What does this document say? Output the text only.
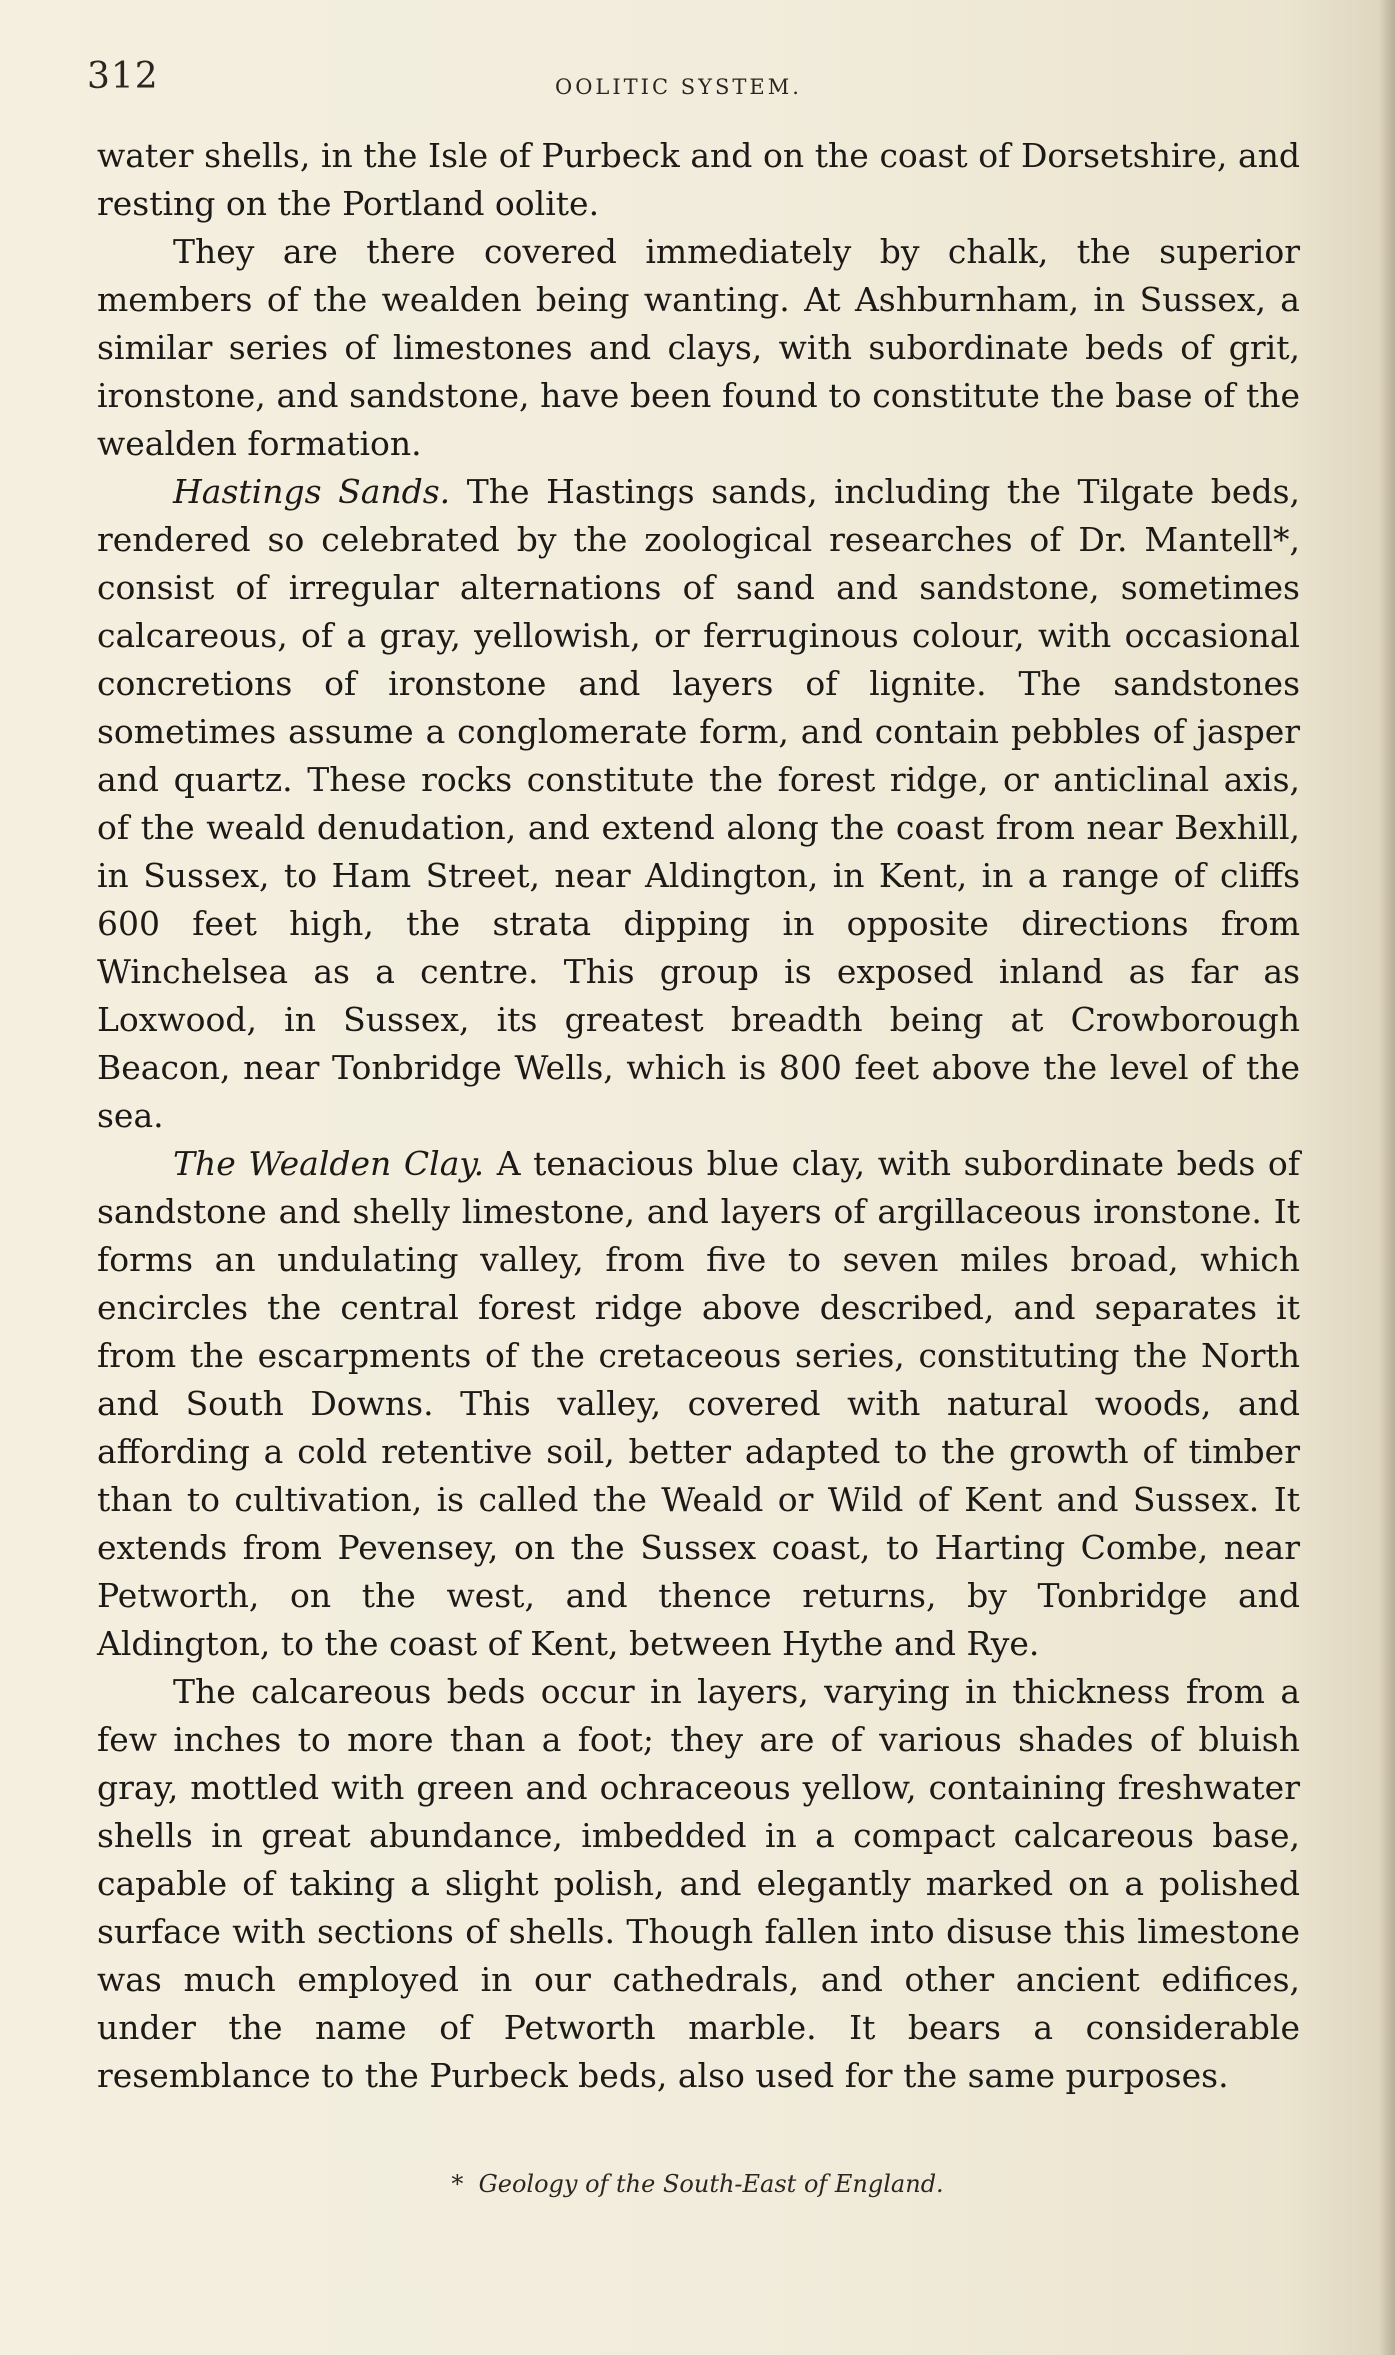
312	OOLITIC SYSTEM.

water shells, in the Isle of Purbeck and on the coast of Dorsetshire, and resting on the Portland oolite.

They are there covered immediately by chalk, the superior members of the wealden being wanting. At Ashburnham, in Sussex, a similar series of limestones and clays, with subordinate beds of grit, ironstone, and sandstone, have been found to constitute the base of the wealden formation.

Hastings Sands. The Hastings sands, including the Tilgate beds, rendered so celebrated by the zoological researches of Dr. Mantell*, consist of irregular alternations of sand and sandstone, sometimes calcareous, of a gray, yellowish, or ferruginous colour, with occasional concretions of ironstone and layers of lignite. The sandstones sometimes assume a conglomerate form, and contain pebbles of jasper and quartz. These rocks constitute the forest ridge, or anticlinal axis, of the weald denudation, and extend along the coast from near Bexhill, in Sussex, to Ham Street, near Aldington, in Kent, in a range of cliffs 600 feet high, the strata dipping in opposite directions from Winchelsea as a centre. This group is exposed inland as far as Loxwood, in Sussex, its greatest breadth being at Crowborough Beacon, near Tonbridge Wells, which is 800 feet above the level of the sea.

The Wealden Clay. A tenacious blue clay, with subordinate beds of sandstone and shelly limestone, and layers of argillaceous ironstone. It forms an undulating valley, from five to seven miles broad, which encircles the central forest ridge above described, and separates it from the escarpments of the cretaceous series, constituting the North and South Downs. This valley, covered with natural woods, and affording a cold retentive soil, better adapted to the growth of timber than to cultivation, is called the Weald or Wild of Kent and Sussex. It extends from Pevensey, on the Sussex coast, to Harting Combe, near Petworth, on the west, and thence returns, by Tonbridge and Aldington, to the coast of Kent, between Hythe and Rye.

The calcareous beds occur in layers, varying in thickness from a few inches to more than a foot; they are of various shades of bluish gray, mottled with green and ochraceous yellow, containing freshwater shells in great abundance, imbedded in a compact calcareous base, capable of taking a slight polish, and elegantly marked on a polished surface with sections of shells. Though fallen into disuse this limestone was much employed in our cathedrals, and other ancient edifices, under the name of Petworth marble. It bears a considerable resemblance to the Purbeck beds, also used for the same purposes.

* Geology of the South-East of England.
